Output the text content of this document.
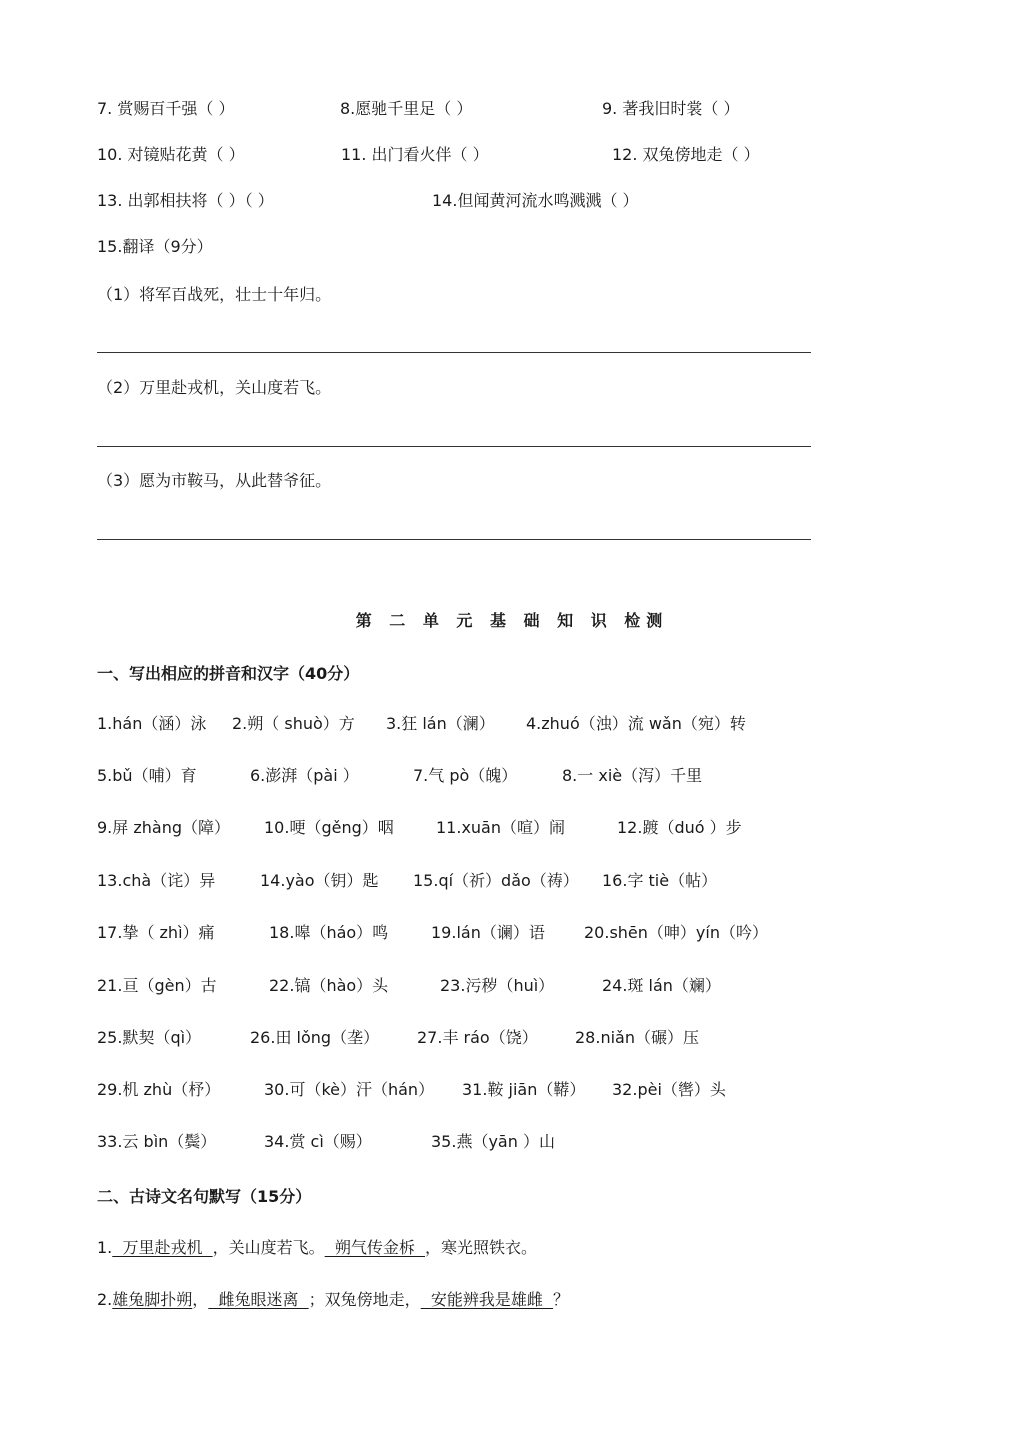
7. 赏赐百千强（ ）	8.愿驰千里足（ ）	9. 著我旧时裳（ ）
10. 对镜贴花黄（ ）	11. 出门看火伴（ ）	12. 双兔傍地走（ ）
13. 出郭相扶将（ ）（ ）	14.但闻黄河流水鸣溅溅（ ）
15.翻译（9分）
（1）将军百战死，壮士十年归。
（2）万里赴戎机，关山度若飞。
（3）愿为市鞍马，从此替爷征。
第 二 单 元 基 础 知 识 检测
一、写出相应的拼音和汉字（40分）
1.hán（涵）泳 2.朔（ shuò）方 3.狂 lán（澜） 4.zhuó（浊）流 wǎn（宛）转
5.bǔ（哺）育	6.澎湃（pài ）	7.气 pò（魄）	8.一 xiè（泻）千里
9.屏 zhàng（障） 10.哽（gěng）咽	11.xuān（喧）闹	12.踱（duó ）步
13.chà（诧）异	14.yào（钥）匙 15.qí（祈）dǎo（祷） 16.字 tiè（帖）
17.挚（ zhì）痛	18.嗥（háo）鸣	19.lán（谰）语 20.shēn（呻）yín（吟）
21.亘（gèn）古	22.镐（hào）头	23.污秽（huì）	24.斑 lán（斓）
25.默契（qì）	26.田 lǒng（垄） 27.丰 ráo（饶） 28.niǎn（碾）压
29.机 zhù（杼）	30.可（kè）汗（hán） 31.鞍 jiān（鞯） 32.pèi（辔）头
33.云 bìn（鬓）	34.赏 cì（赐）	35.燕（yān ）山
二、古诗文名句默写（15分）
1.  万里赴戎机  ，关山度若飞。  朔气传金柝  ，寒光照铁衣。
2.雄兔脚扑朔，  雌兔眼迷离  ；双兔傍地走，  安能辨我是雄雌  ？
